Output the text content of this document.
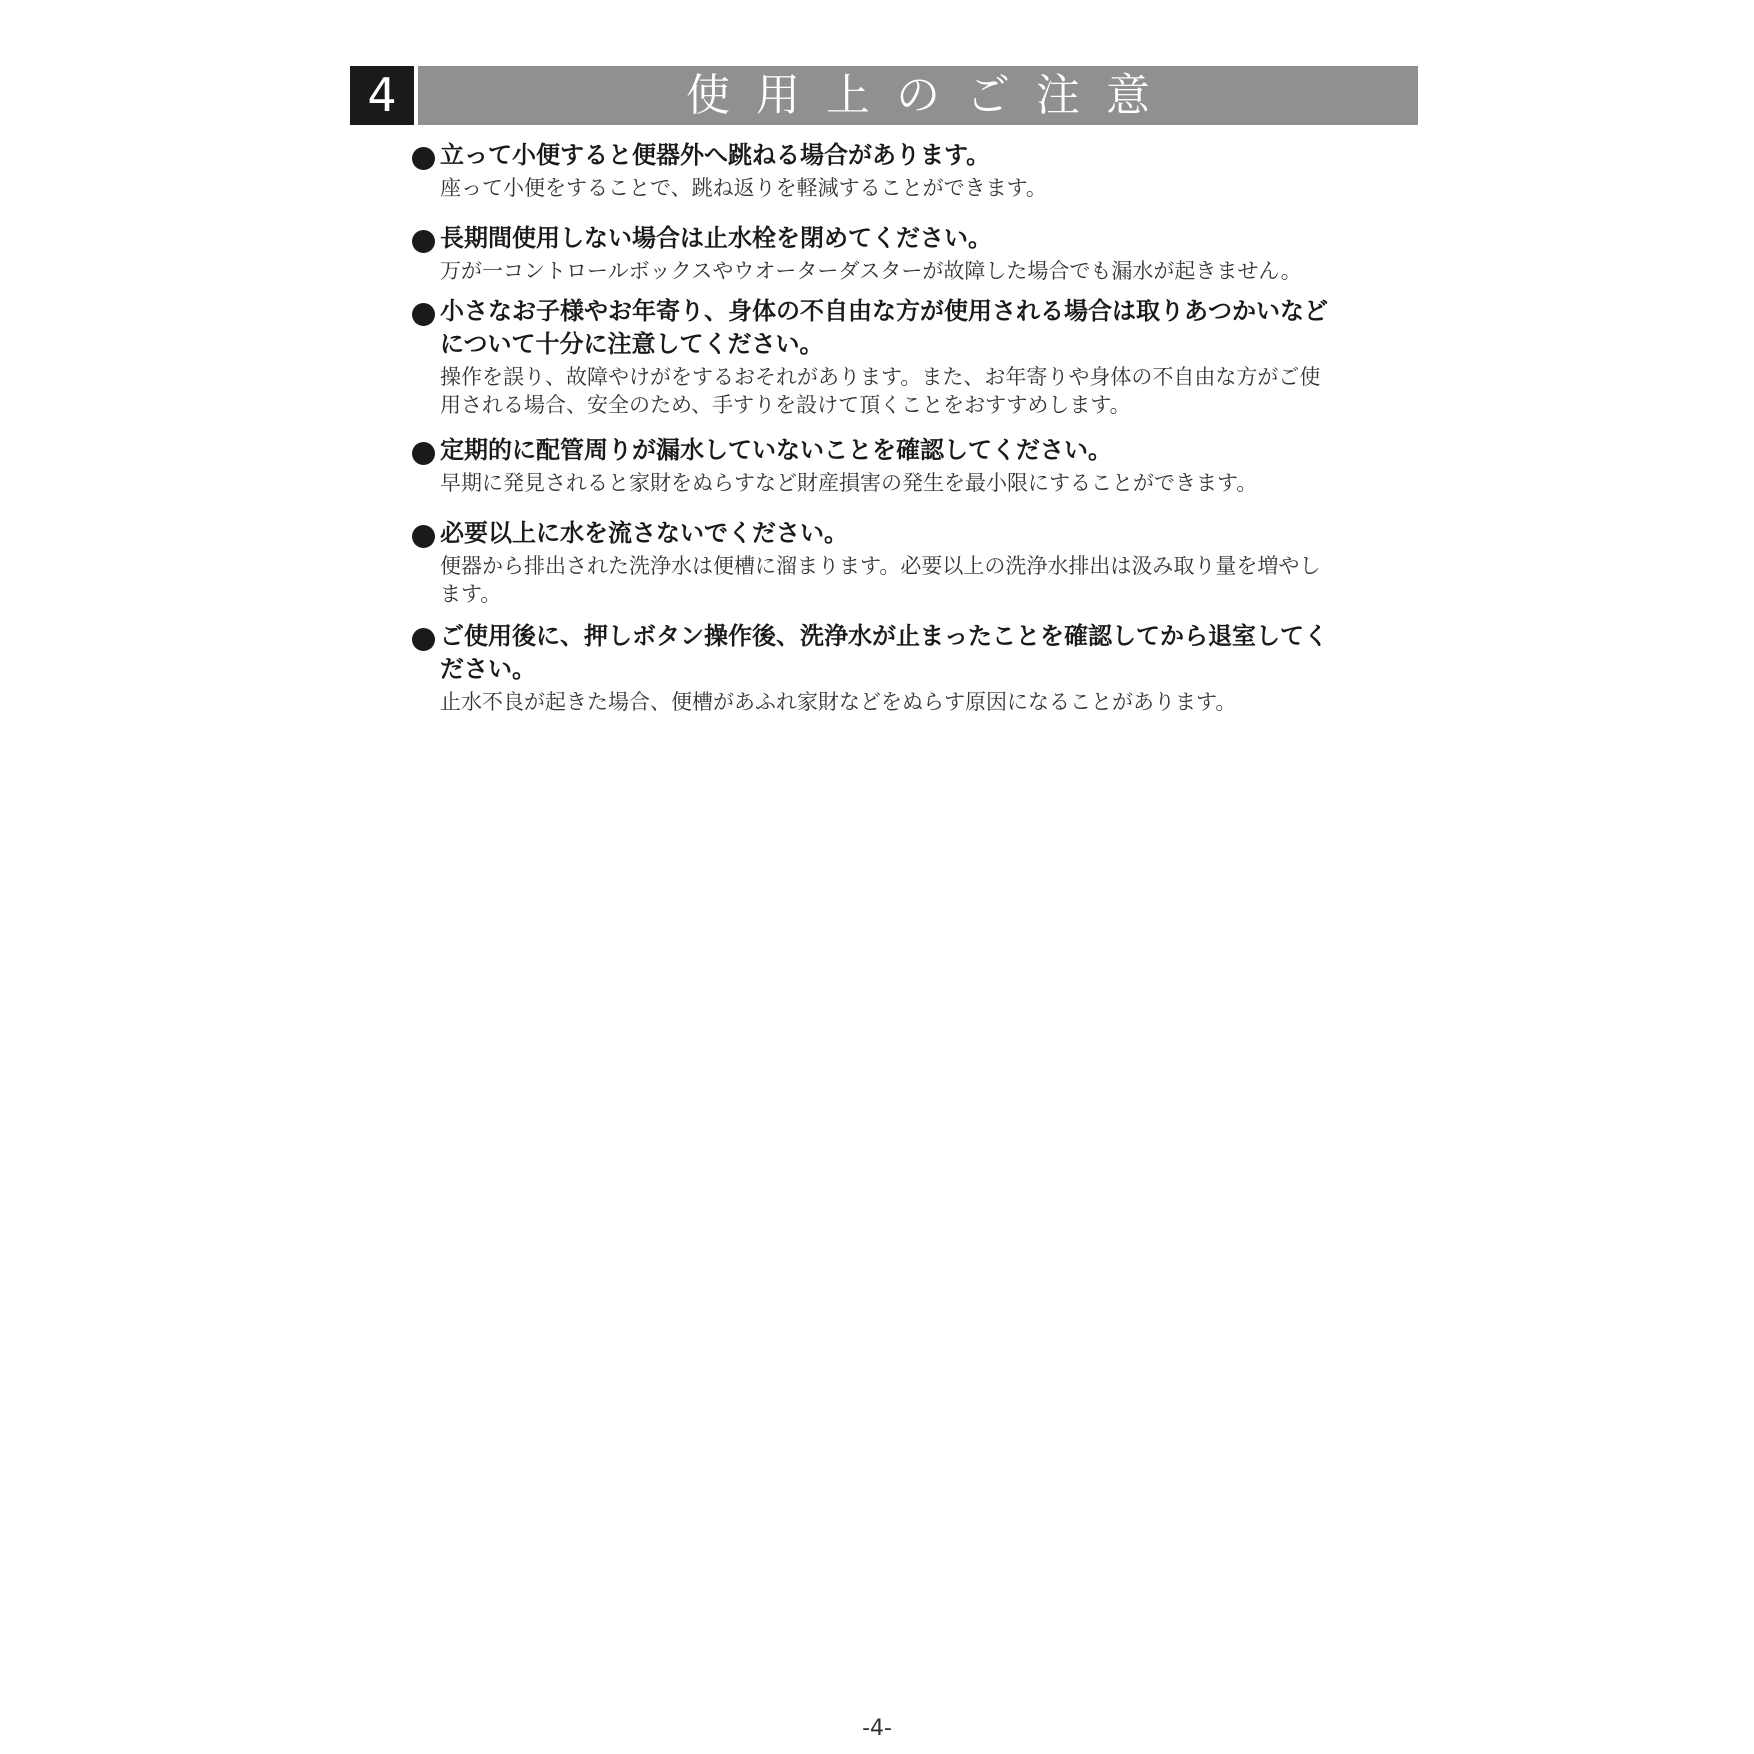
4	使用上のご注意
立って小便すると便器外へ跳ねる場合があります。
座って小便をすることで、跳ね返りを軽減することができます。
長期間使用しない場合は止水栓を閉めてください。
万が一コントロールボックスやウオーターダスターが故障した場合でも漏水が起きません。
小さなお子様やお年寄り、身体の不自由な方が使用される場合は取りあつかいなど
について十分に注意してください。
操作を誤り、故障やけがをするおそれがあります。また、お年寄りや身体の不自由な方がご使
用される場合、安全のため、手すりを設けて頂くことをおすすめします。
定期的に配管周りが漏水していないことを確認してください。
早期に発見されると家財をぬらすなど財産損害の発生を最小限にすることができます。
必要以上に水を流さないでください。
便器から排出された洗浄水は便槽に溜まります。必要以上の洗浄水排出は汲み取り量を増やし
ます。
ご使用後に、押しボタン操作後、洗浄水が止まったことを確認してから退室してく
ださい。
止水不良が起きた場合、便槽があふれ家財などをぬらす原因になることがあります。
-4-
